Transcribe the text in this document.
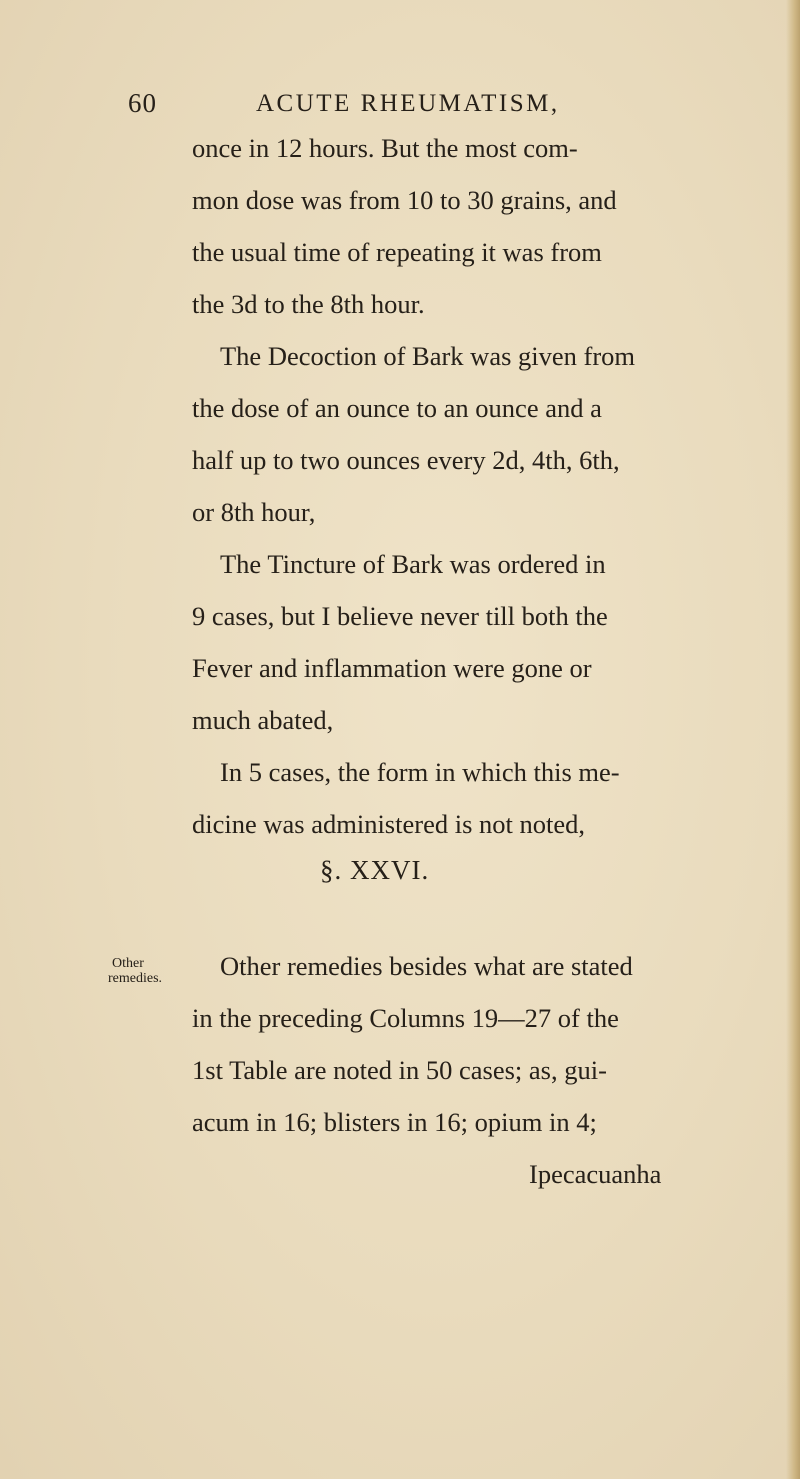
60	ACUTE RHEUMATISM,
once in 12 hours. But the most com-
mon dose was from 10 to 30 grains, and
the usual time of repeating it was from
the 3d to the 8th hour.
The Decoction of Bark was given from
the dose of an ounce to an ounce and a
half up to two ounces every 2d, 4th, 6th,
or 8th hour,
The Tincture of Bark was ordered in
9 cases, but I believe never till both the
Fever and inflammation were gone or
much abated,
In 5 cases, the form in which this me-
dicine was administered is not noted,
§. XXVI.
Other
remedies. Other remedies besides what are stated
in the preceding Columns 19—27 of the
1st Table are noted in 50 cases; as, gui-
acum in 16; blisters in 16; opium in 4;
Ipecacuanha
